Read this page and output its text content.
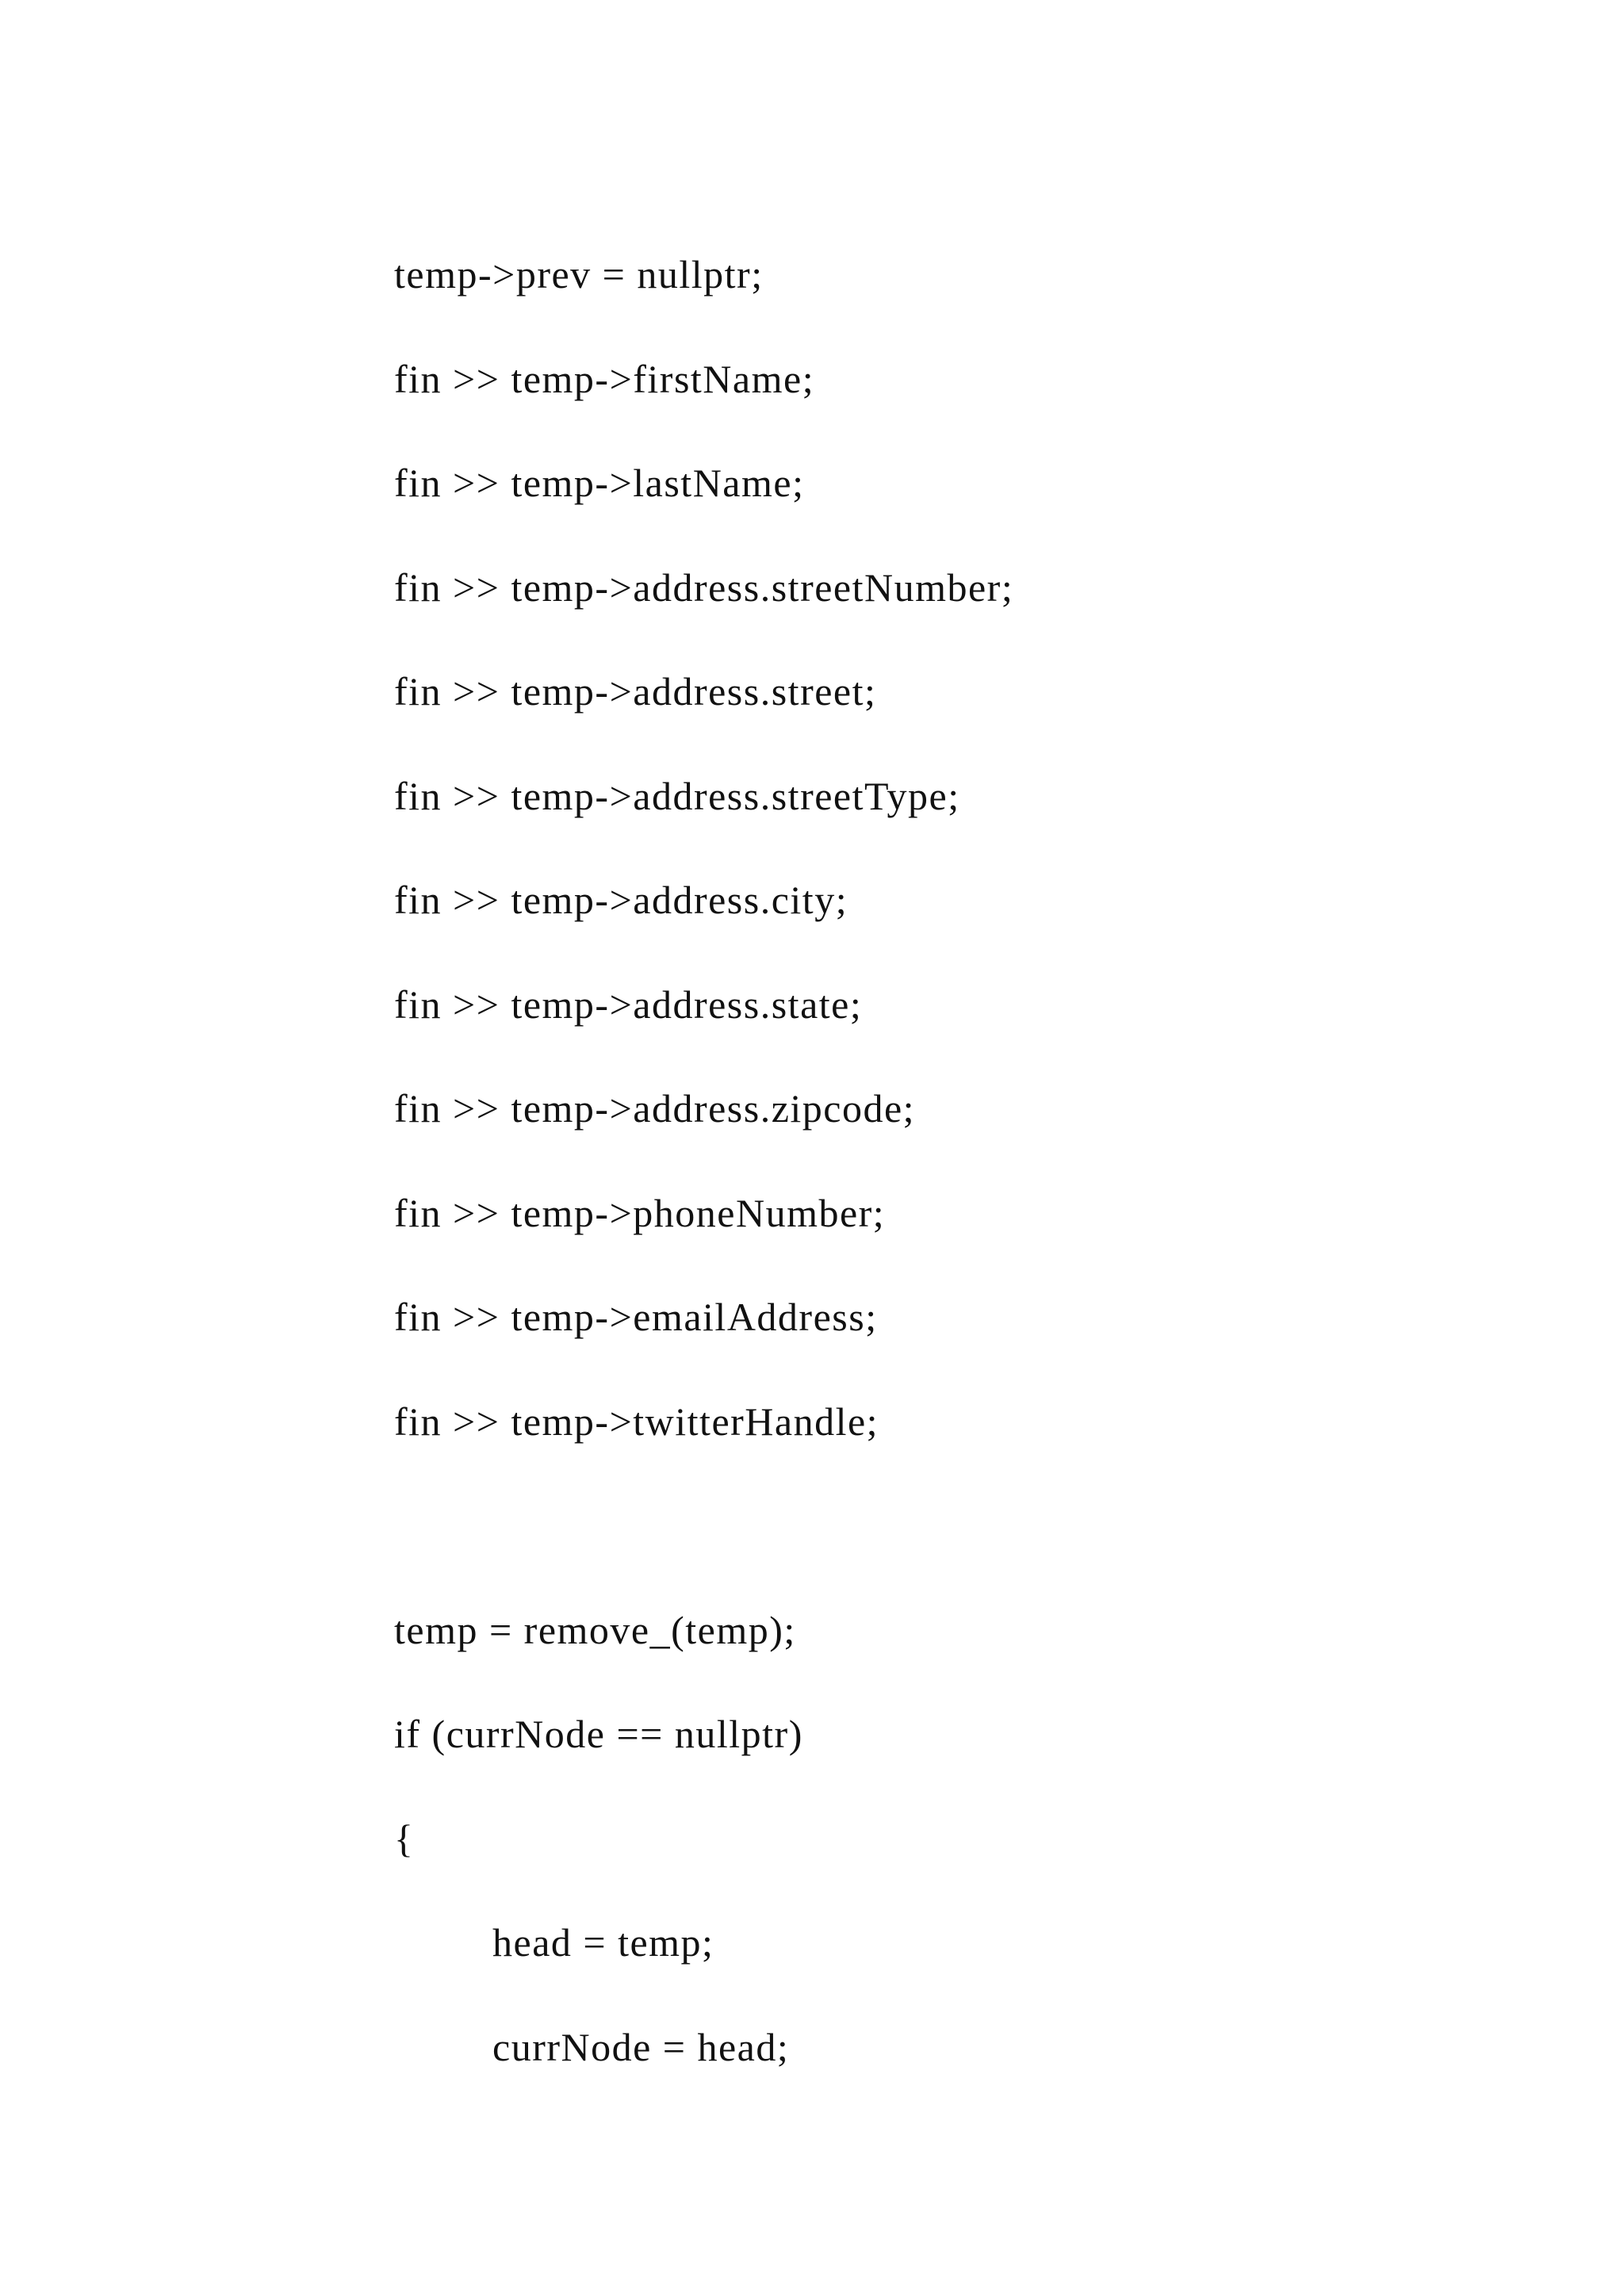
temp->prev = nullptr;
fin >> temp->firstName;
fin >> temp->lastName;
fin >> temp->address.streetNumber;
fin >> temp->address.street;
fin >> temp->address.streetType;
fin >> temp->address.city;
fin >> temp->address.state;
fin >> temp->address.zipcode;
fin >> temp->phoneNumber;
fin >> temp->emailAddress;
fin >> temp->twitterHandle;
temp = remove_(temp);
if (currNode == nullptr)
{
head = temp;
currNode = head;
